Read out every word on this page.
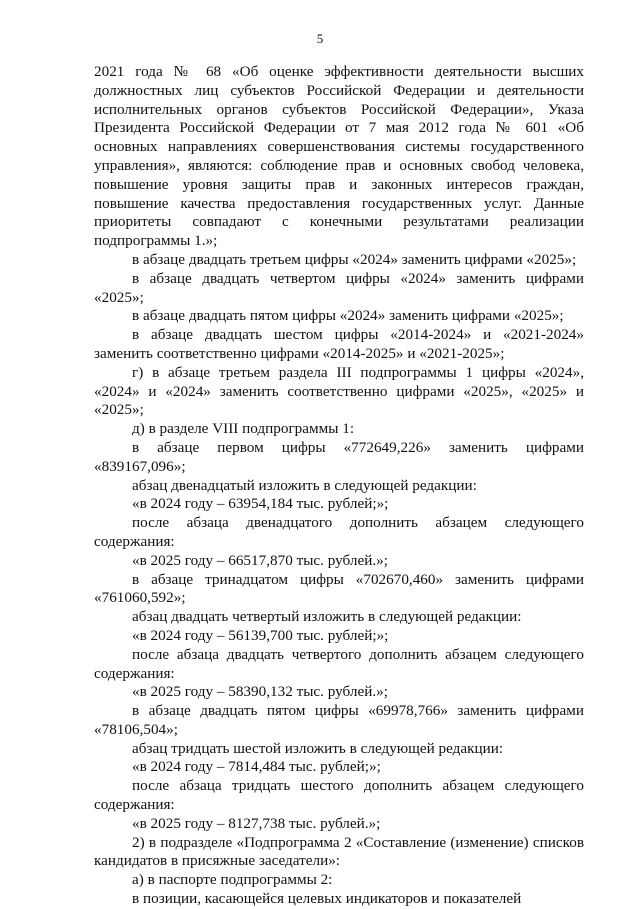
5

2021 года № 68 «Об оценке эффективности деятельности высших должностных лиц субъектов Российской Федерации и деятельности исполнительных органов субъектов Российской Федерации», Указа Президента Российской Федерации от 7 мая 2012 года № 601 «Об основных направлениях совершенствования системы государственного управления», являются: соблюдение прав и основных свобод человека, повышение уровня защиты прав и законных интересов граждан, повышение качества предоставления государственных услуг. Данные приоритеты совпадают с конечными результатами реализации подпрограммы 1.»;

в абзаце двадцать третьем цифры «2024» заменить цифрами «2025»;

в абзаце двадцать четвертом цифры «2024» заменить цифрами «2025»;

в абзаце двадцать пятом цифры «2024» заменить цифрами «2025»;

в абзаце двадцать шестом цифры «2014-2024» и «2021-2024» заменить соответственно цифрами «2014-2025» и «2021-2025»;

г) в абзаце третьем раздела III подпрограммы 1 цифры «2024», «2024» и «2024» заменить соответственно цифрами «2025», «2025» и «2025»;

д) в разделе VIII подпрограммы 1:

в абзаце первом цифры «772649,226» заменить цифрами «839167,096»;

абзац двенадцатый изложить в следующей редакции:

«в 2024 году – 63954,184 тыс. рублей;»;

после абзаца двенадцатого дополнить абзацем следующего содержания:

«в 2025 году – 66517,870 тыс. рублей.»;

в абзаце тринадцатом цифры «702670,460» заменить цифрами «761060,592»;

абзац двадцать четвертый изложить в следующей редакции:

«в 2024 году – 56139,700 тыс. рублей;»;

после абзаца двадцать четвертого дополнить абзацем следующего содержания:

«в 2025 году – 58390,132 тыс. рублей.»;

в абзаце двадцать пятом цифры «69978,766» заменить цифрами «78106,504»;

абзац тридцать шестой изложить в следующей редакции:

«в 2024 году – 7814,484 тыс. рублей;»;

после абзаца тридцать шестого дополнить абзацем следующего содержания:

«в 2025 году – 8127,738 тыс. рублей.»;

2) в подразделе «Подпрограмма 2 «Составление (изменение) списков кандидатов в присяжные заседатели»:

а) в паспорте подпрограммы 2:

в позиции, касающейся целевых индикаторов и показателей
